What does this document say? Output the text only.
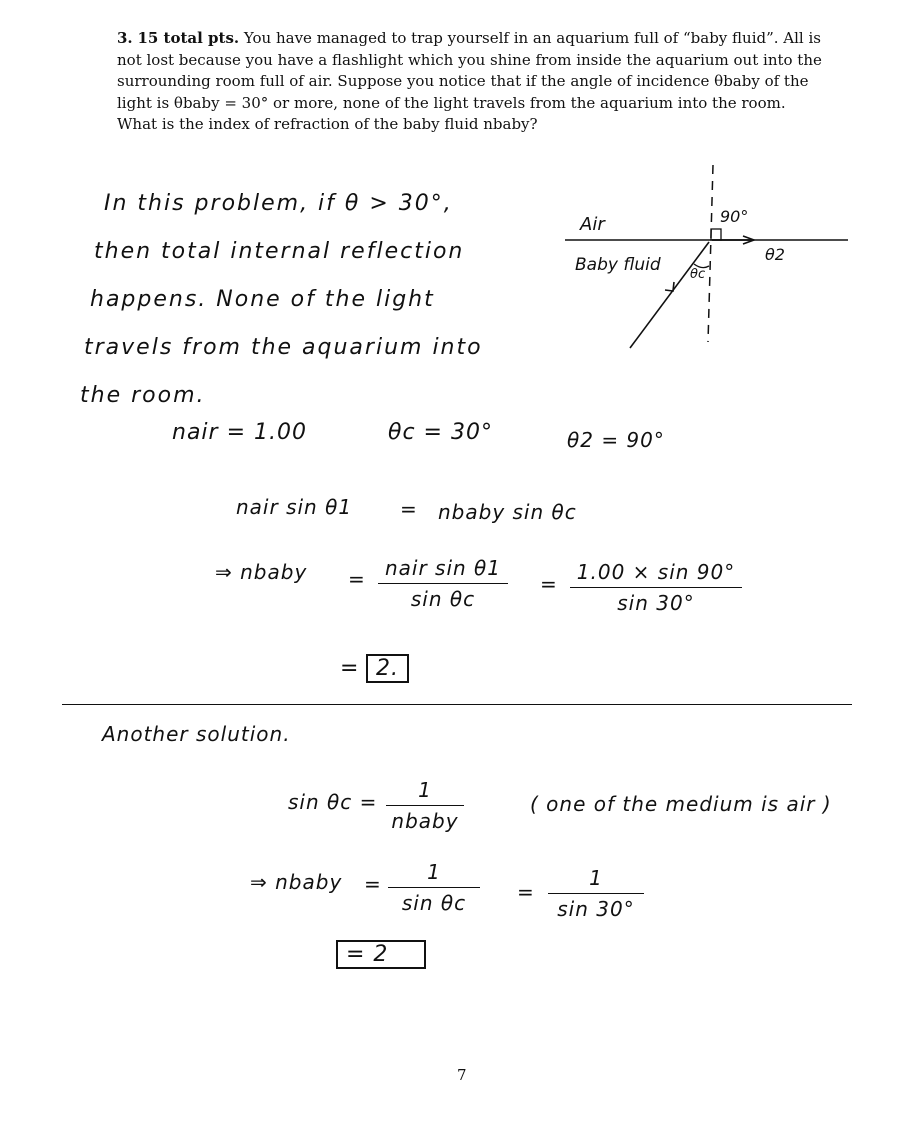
3. 15 total pts. You have managed to trap yourself in an aquarium full of “baby fluid”. All is not lost because you have a flashlight which you shine from inside the aquarium out into the surrounding room full of air. Suppose you notice that if the angle of incidence θbaby of the light is θbaby = 30° or more, none of the light travels from the aquarium into the room. What is the index of refraction of the baby fluid nbaby?
In this problem, if θ > 30°,
then total internal reflection
happens. None of the light
travels from the aquarium into
the room.
Air
Baby fluid
90°
θ2
θc
nair = 1.00	θc = 30°	θ2 = 90°
nair sin θ1 = nbaby sin θc
⇒ nbaby = nair sin θ1
sin θc
= 1.00 × sin 90°
sin 30°
= 2.
Another solution.
sin θc =	1
nbaby
( one of the medium is air )
⇒ nbaby =	1
sin θc	=
1
sin 30°
= 2
7
